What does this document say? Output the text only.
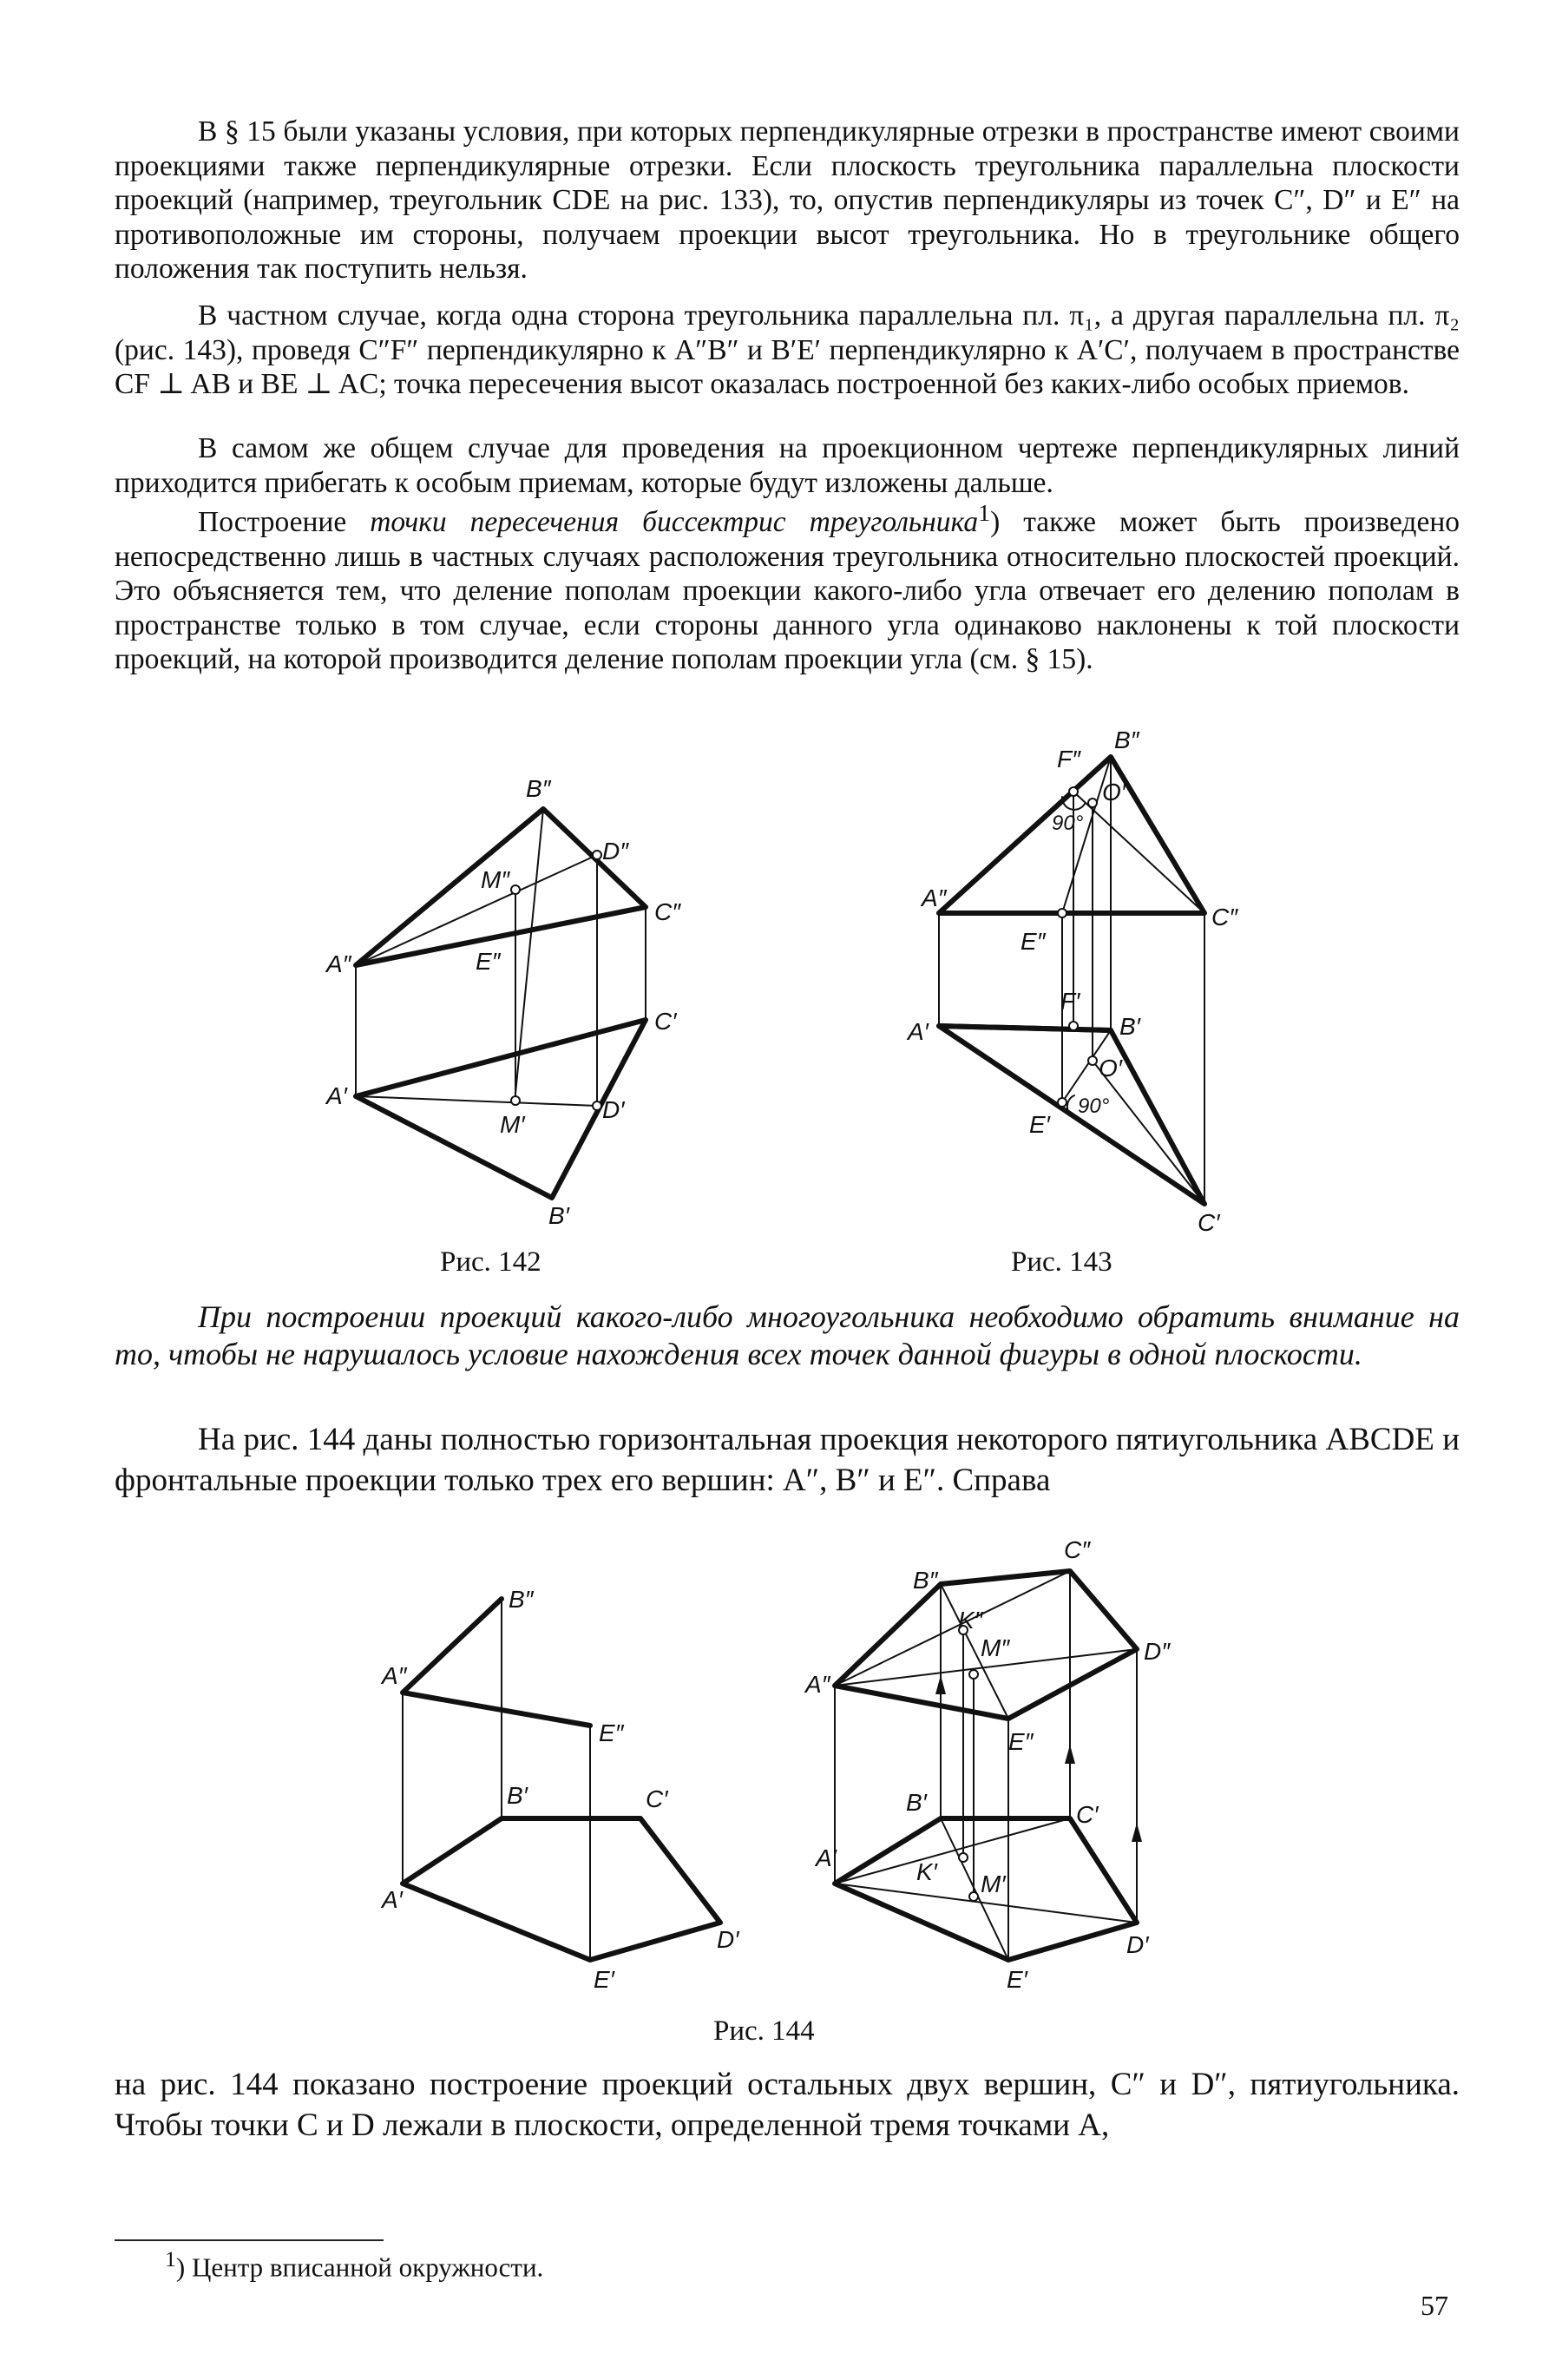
В § 15 были указаны условия, при которых перпендикулярные отрезки в пространстве имеют своими проекциями также перпендикулярные отрезки. Если плоскость треугольника параллельна плоскости проекций (например, треугольник CDE на рис. 133), то, опустив перпендикуляры из точек C″, D″ и E″ на противоположные им стороны, получаем проекции высот треугольника. Но в треугольнике общего положения так поступить нельзя.

В частном случае, когда одна сторона треугольника параллельна пл. π₁, а другая параллельна пл. π₂ (рис. 143), проведя C″F″ перпендикулярно к A″B″ и B′E′ перпендикулярно к A′C′, получаем в пространстве CF ⊥ AB и BE ⊥ AC; точка пересечения высот оказалась построенной без каких-либо особых приемов.

В самом же общем случае для проведения на проекционном чертеже перпендикулярных линий приходится прибегать к особым приемам, которые будут изложены дальше.

Построение точки пересечения биссектрис треугольника$^1$) также может быть произведено непосредственно лишь в частных случаях расположения треугольника относительно плоскостей проекций. Это объясняется тем, что деление пополам проекции какого-либо угла отвечает его делению пополам в пространстве только в том случае, если стороны данного угла одинаково наклонены к той плоскости проекций, на которой производится деление пополам проекции угла (см. § 15).

B″
D″
M″
C″
A″	E″
C′
A′
M′
D′
B′
F″
B″
O″
90°
A″
C″
E″
F′
A′	B′
O′
E′
90°
C′
Рис. 142	Рис. 143

При построении проекций какого-либо многоугольника необходимо обратить внимание на то, чтобы не нарушалось условие нахождения всех точек данной фигуры в одной плоскости.

На рис. 144 даны полностью горизонтальная проекция некоторого пятиугольника ABCDE и фронтальные проекции только трех его вершин: A″, B″ и E″. Справа

B″
A″
E″
B′	C′
A′
D′
E′
C″
B″
K″
M″	D″
A″
E″
B′	C′
A′
K′ M′
D′
E′
Рис. 144

на рис. 144 показано построение проекций остальных двух вершин, C″ и D″, пятиугольника. Чтобы точки C и D лежали в плоскости, определенной тремя точками A,

$^1$) Центр вписанной окружности.
57
